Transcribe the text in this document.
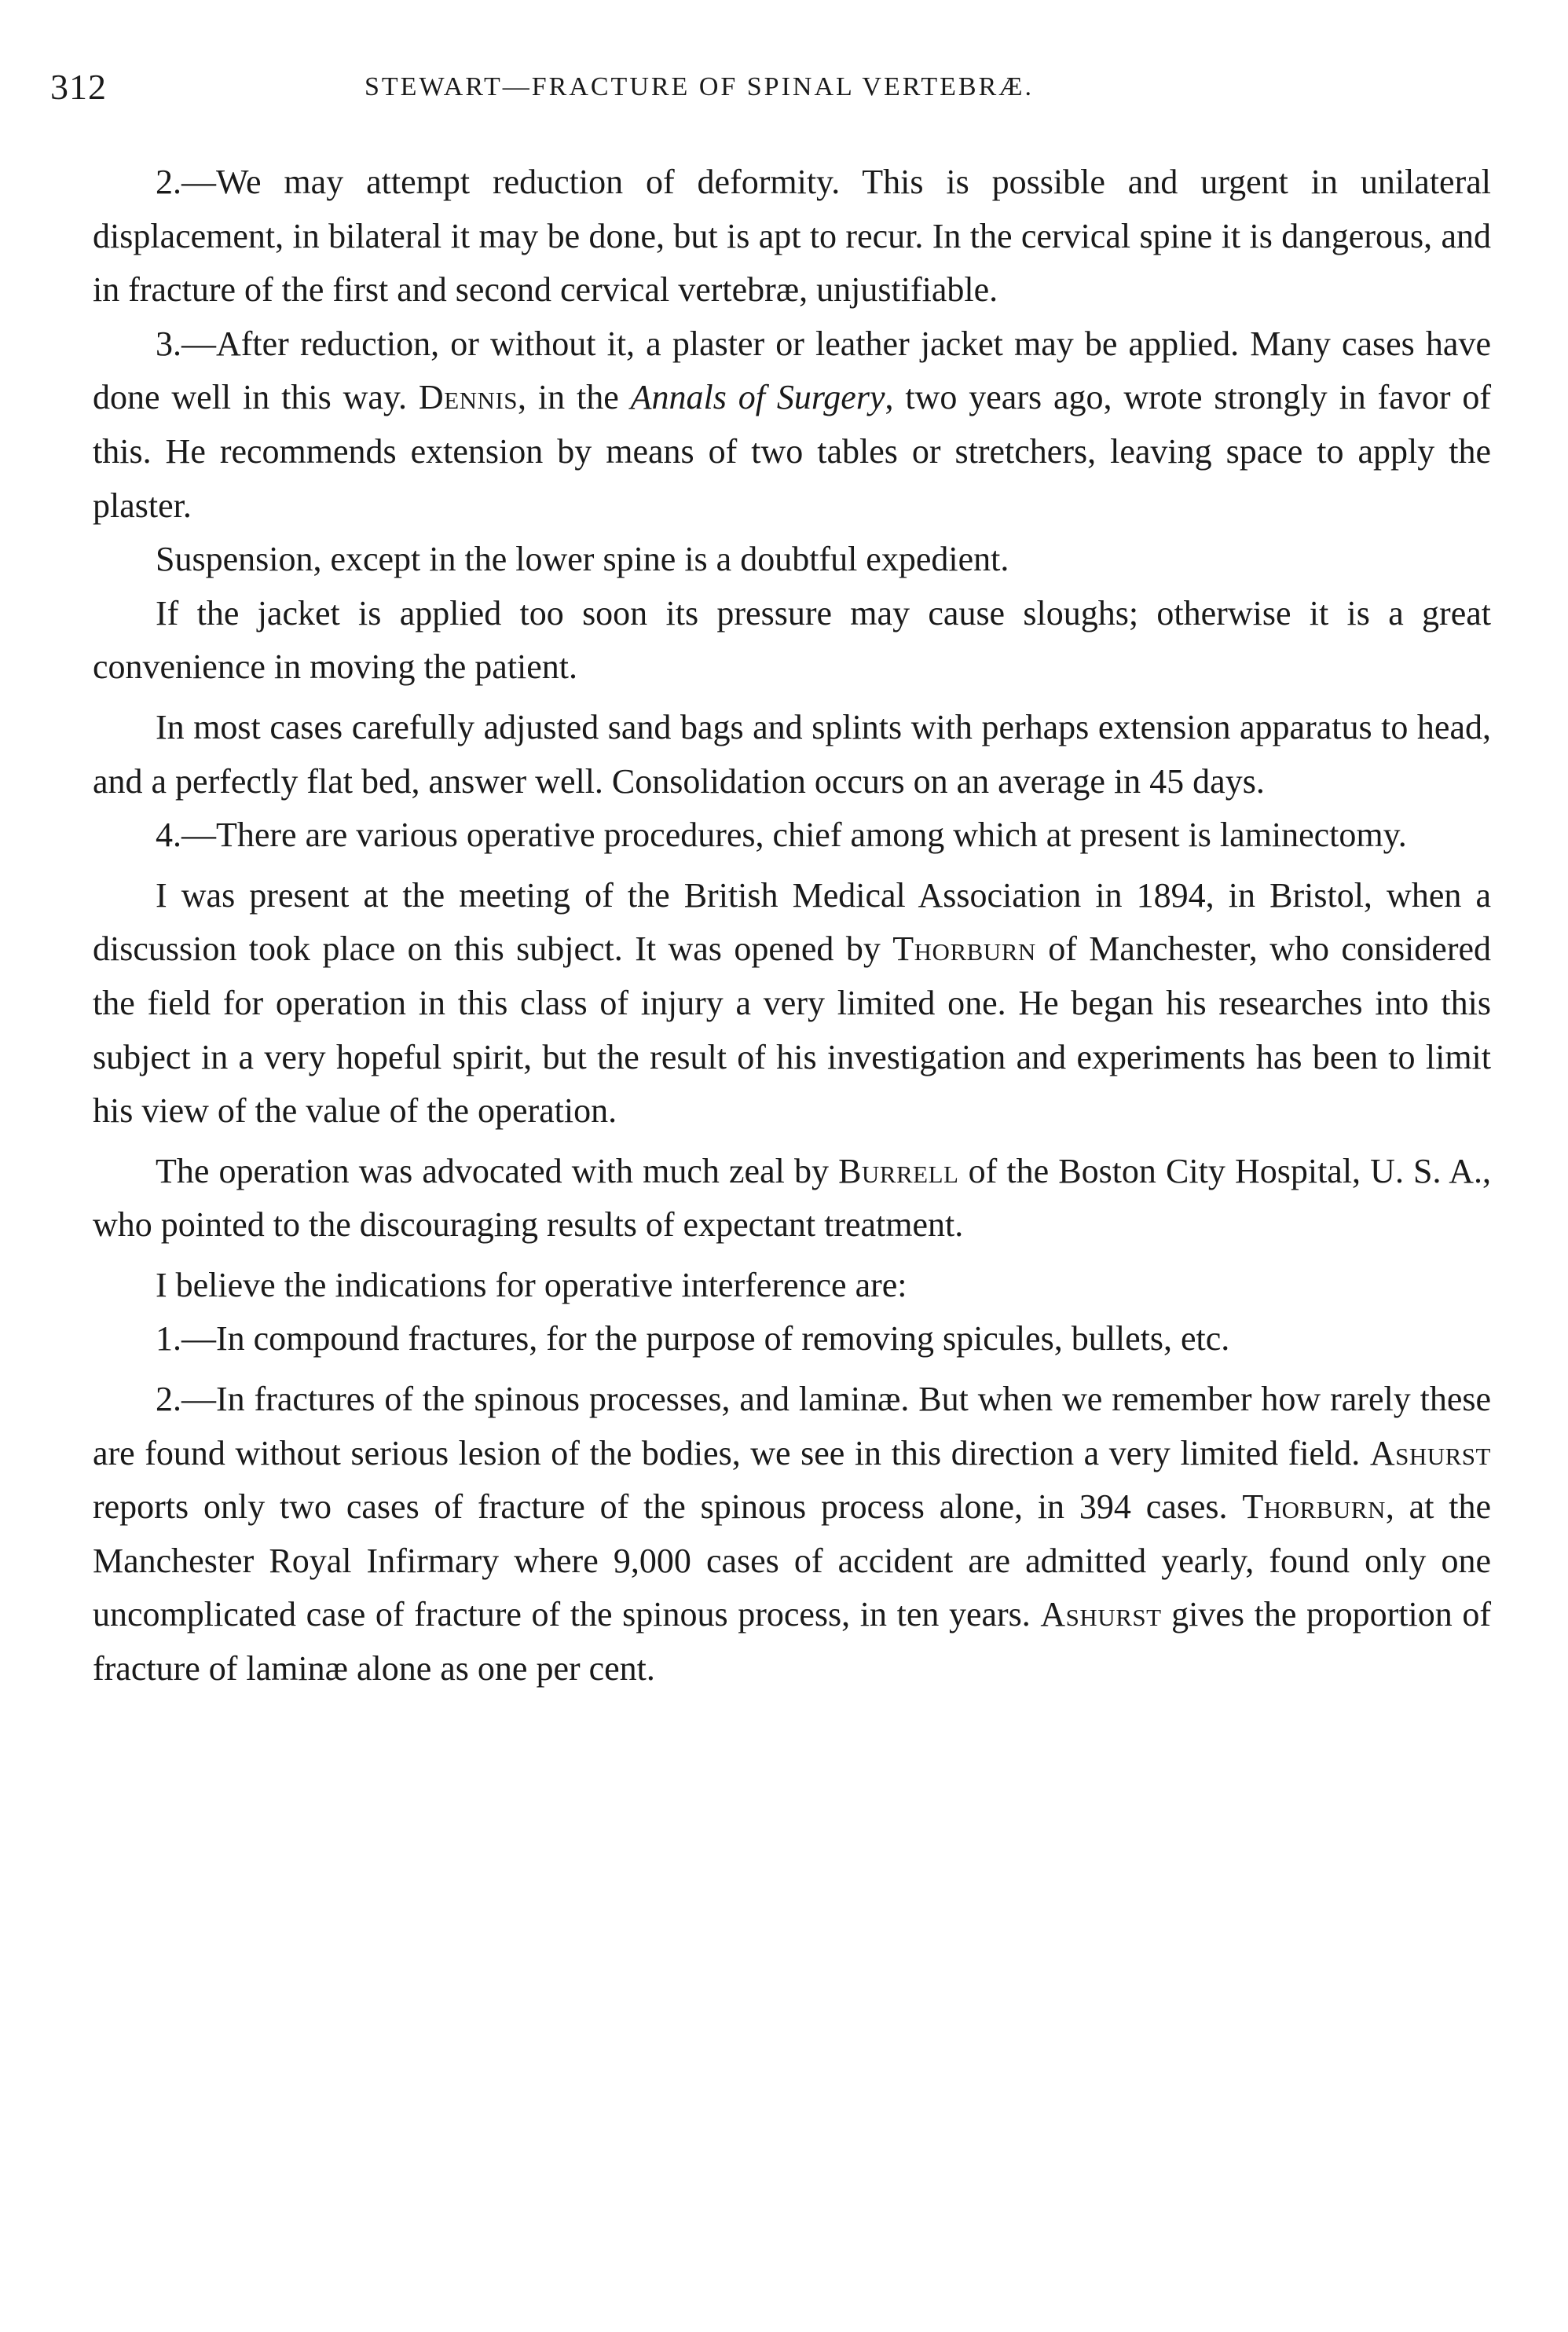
312	STEWART—FRACTURE OF SPINAL VERTEBRÆ.

2.—We may attempt reduction of deformity. This is possible and urgent in unilateral displacement, in bilateral it may be done, but is apt to recur. In the cervical spine it is dangerous, and in fracture of the first and second cervical vertebræ, unjustifiable.

3.—After reduction, or without it, a plaster or leather jacket may be applied. Many cases have done well in this way. Dennis, in the Annals of Surgery, two years ago, wrote strongly in favor of this. He recommends extension by means of two tables or stretchers, leaving space to apply the plaster.

Suspension, except in the lower spine is a doubtful expedient.

If the jacket is applied too soon its pressure may cause sloughs; otherwise it is a great convenience in moving the patient.

In most cases carefully adjusted sand bags and splints with perhaps extension apparatus to head, and a perfectly flat bed, answer well. Consolidation occurs on an average in 45 days.

4.—There are various operative procedures, chief among which at present is laminectomy.

I was present at the meeting of the British Medical Association in 1894, in Bristol, when a discussion took place on this subject. It was opened by Thorburn of Manchester, who considered the field for operation in this class of injury a very limited one. He began his researches into this subject in a very hopeful spirit, but the result of his investigation and experiments has been to limit his view of the value of the operation.

The operation was advocated with much zeal by Burrell of the Boston City Hospital, U. S. A., who pointed to the discouraging results of expectant treatment.

I believe the indications for operative interference are:

1.—In compound fractures, for the purpose of removing spicules, bullets, etc.

2.—In fractures of the spinous processes, and laminæ. But when we remember how rarely these are found without serious lesion of the bodies, we see in this direction a very limited field. Ashurst reports only two cases of fracture of the spinous process alone, in 394 cases. Thorburn, at the Manchester Royal Infirmary where 9,000 cases of accident are admitted yearly, found only one uncomplicated case of fracture of the spinous process, in ten years. Ashurst gives the proportion of fracture of laminæ alone as one per cent.
